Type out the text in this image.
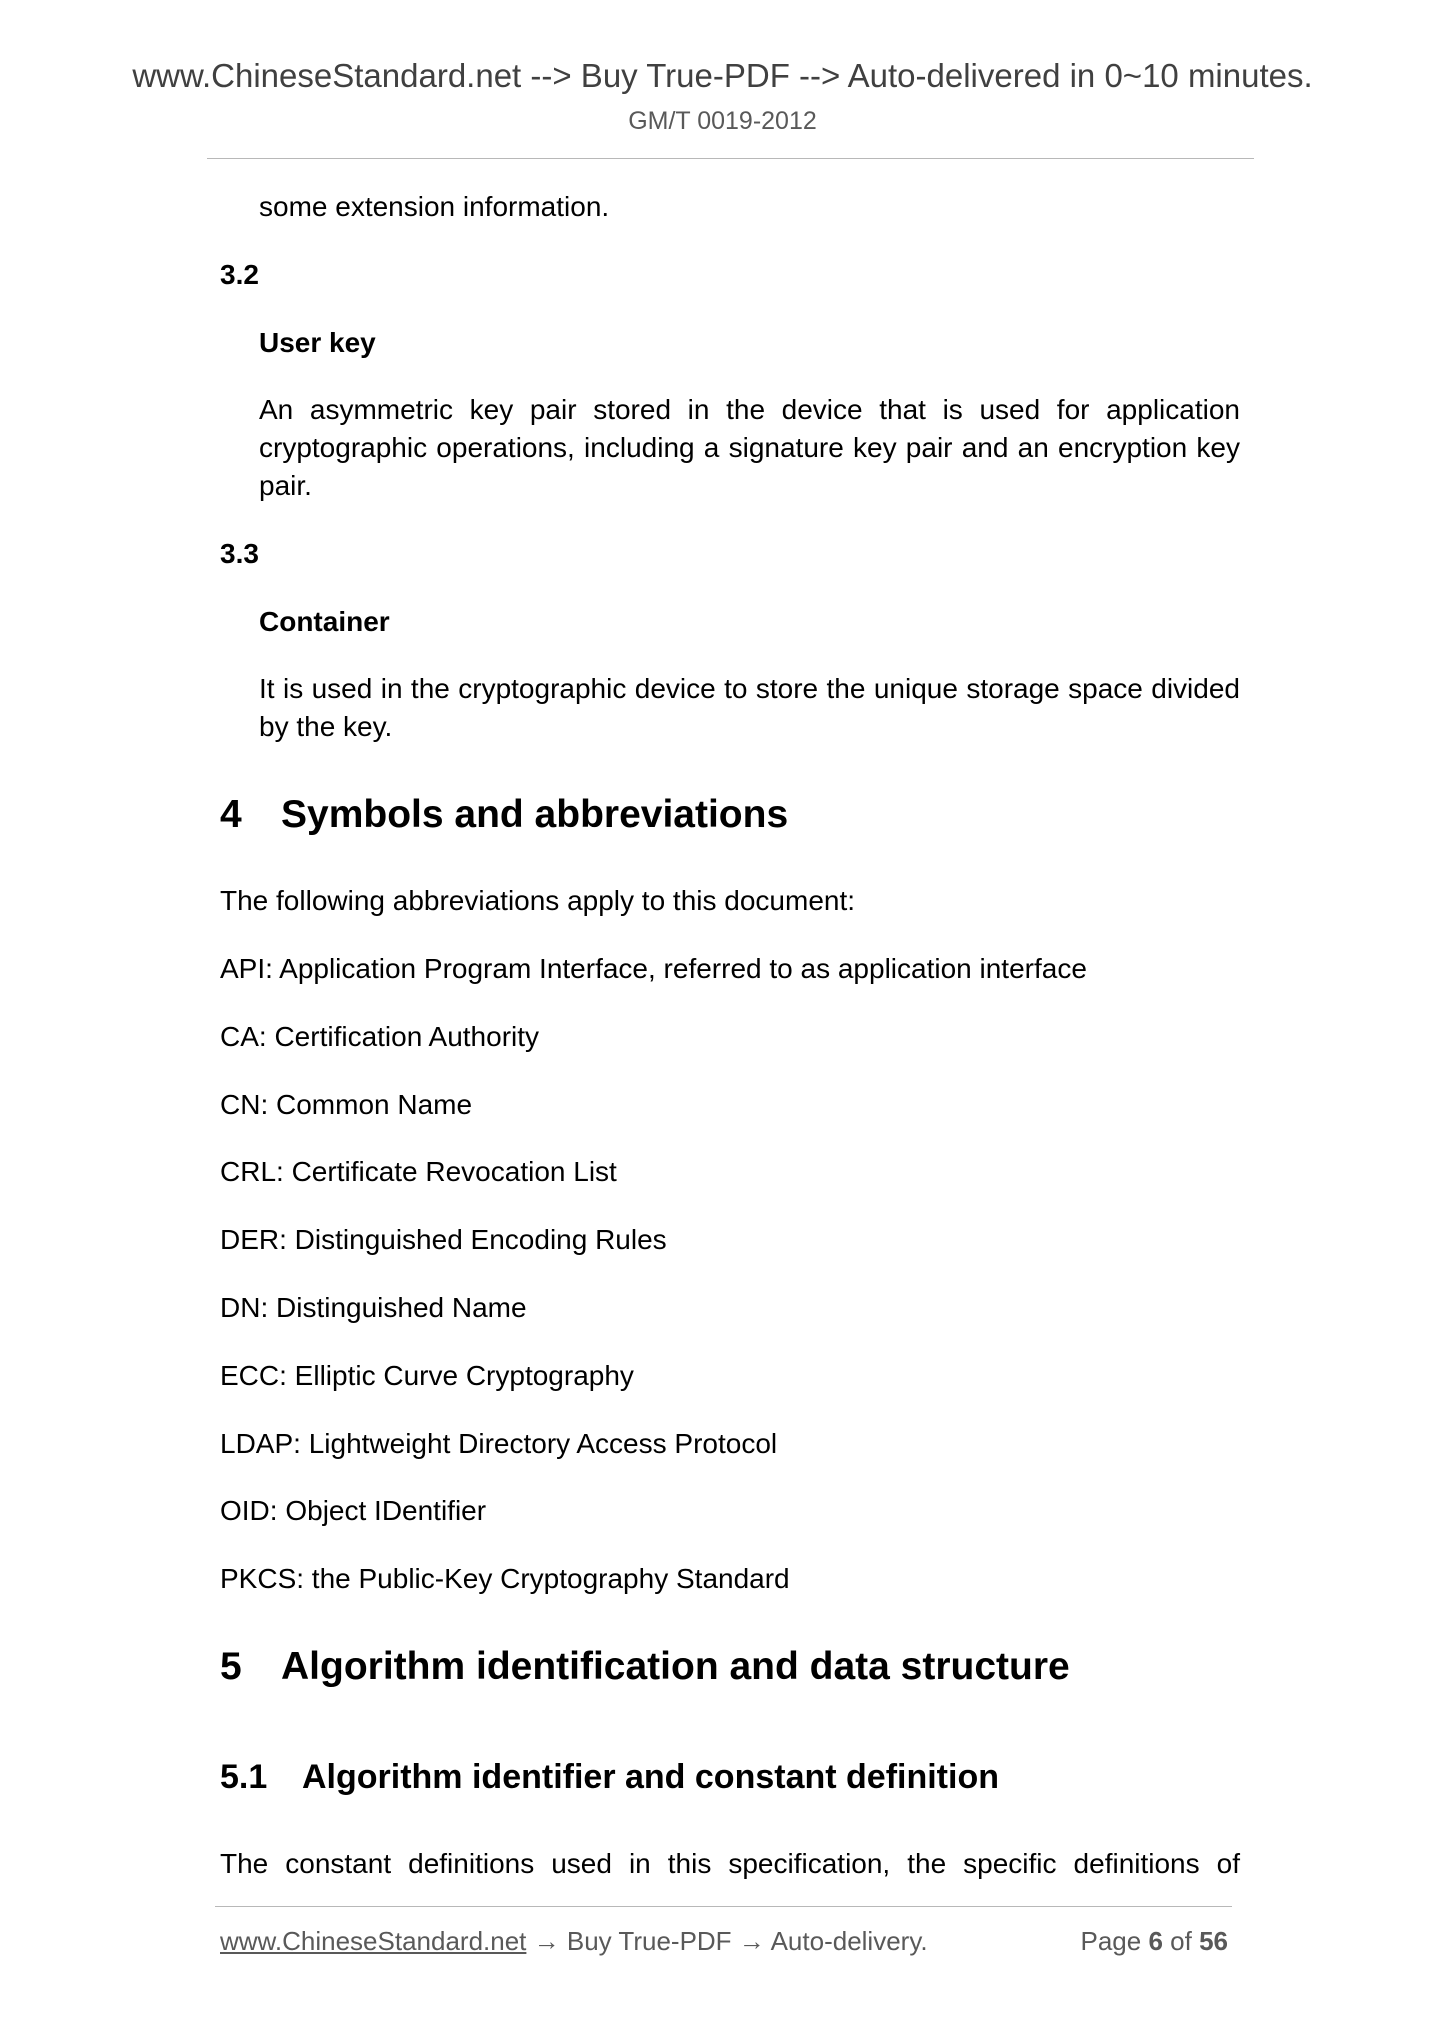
www.ChineseStandard.net --> Buy True-PDF --> Auto-delivered in 0~10 minutes.
GM/T 0019-2012
some extension information.
3.2
User key
An asymmetric key pair stored in the device that is used for application cryptographic operations, including a signature key pair and an encryption key pair.
3.3
Container
It is used in the cryptographic device to store the unique storage space divided by the key.
4 Symbols and abbreviations
The following abbreviations apply to this document:
API: Application Program Interface, referred to as application interface
CA: Certification Authority
CN: Common Name
CRL: Certificate Revocation List
DER: Distinguished Encoding Rules
DN: Distinguished Name
ECC: Elliptic Curve Cryptography
LDAP: Lightweight Directory Access Protocol
OID: Object IDentifier
PKCS: the Public-Key Cryptography Standard
5 Algorithm identification and data structure
5.1 Algorithm identifier and constant definition
The constant definitions used in this specification, the specific definitions of
www.ChineseStandard.net → Buy True-PDF → Auto-delivery.	Page 6 of 56
